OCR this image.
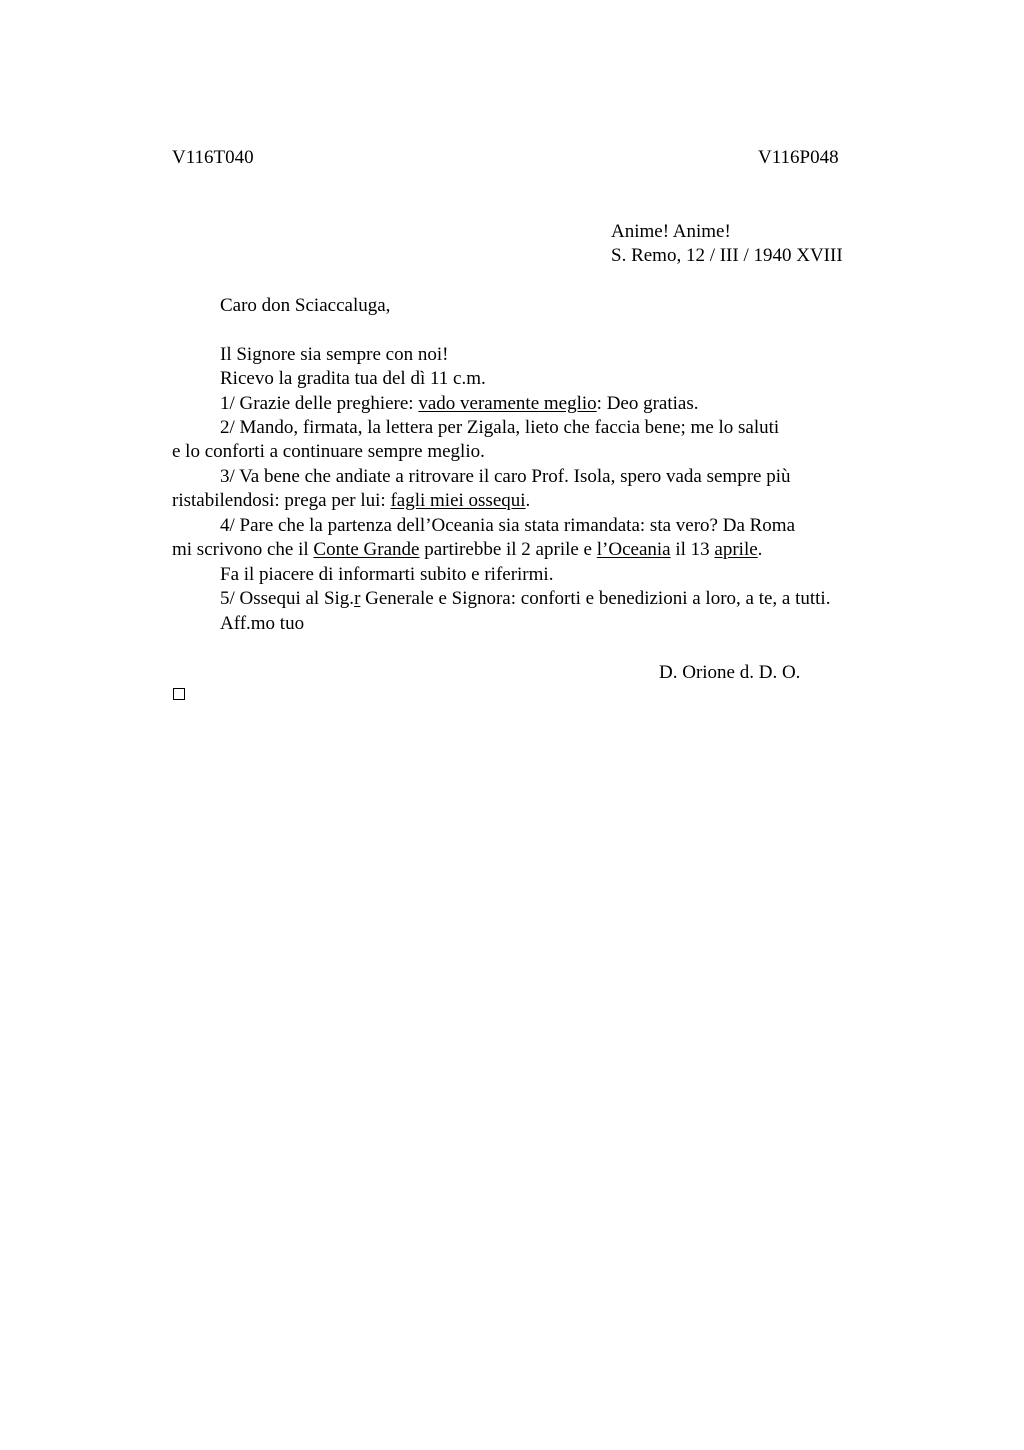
V116T040	V116P048
Anime! Anime!
S. Remo, 12 / III / 1940 XVIII
Caro don Sciaccaluga,
Il Signore sia sempre con noi!
Ricevo la gradita tua del dì 11 c.m.
1/ Grazie delle preghiere: vado veramente meglio: Deo gratias.
2/ Mando, firmata, la lettera per Zigala, lieto che faccia bene; me lo saluti
e lo conforti a continuare sempre meglio.
3/ Va bene che andiate a ritrovare il caro Prof. Isola, spero vada sempre più
ristabilendosi: prega per lui: fagli miei ossequi.
4/ Pare che la partenza dell’Oceania sia stata rimandata: sta vero? Da Roma
mi scrivono che il Conte Grande partirebbe il 2 aprile e l’Oceania il 13 aprile.
Fa il piacere di informarti subito e riferirmi.
5/ Ossequi al Sig.r Generale e Signora: conforti e benedizioni a loro, a te, a tutti.
Aff.mo tuo
D. Orione d. D. O.
